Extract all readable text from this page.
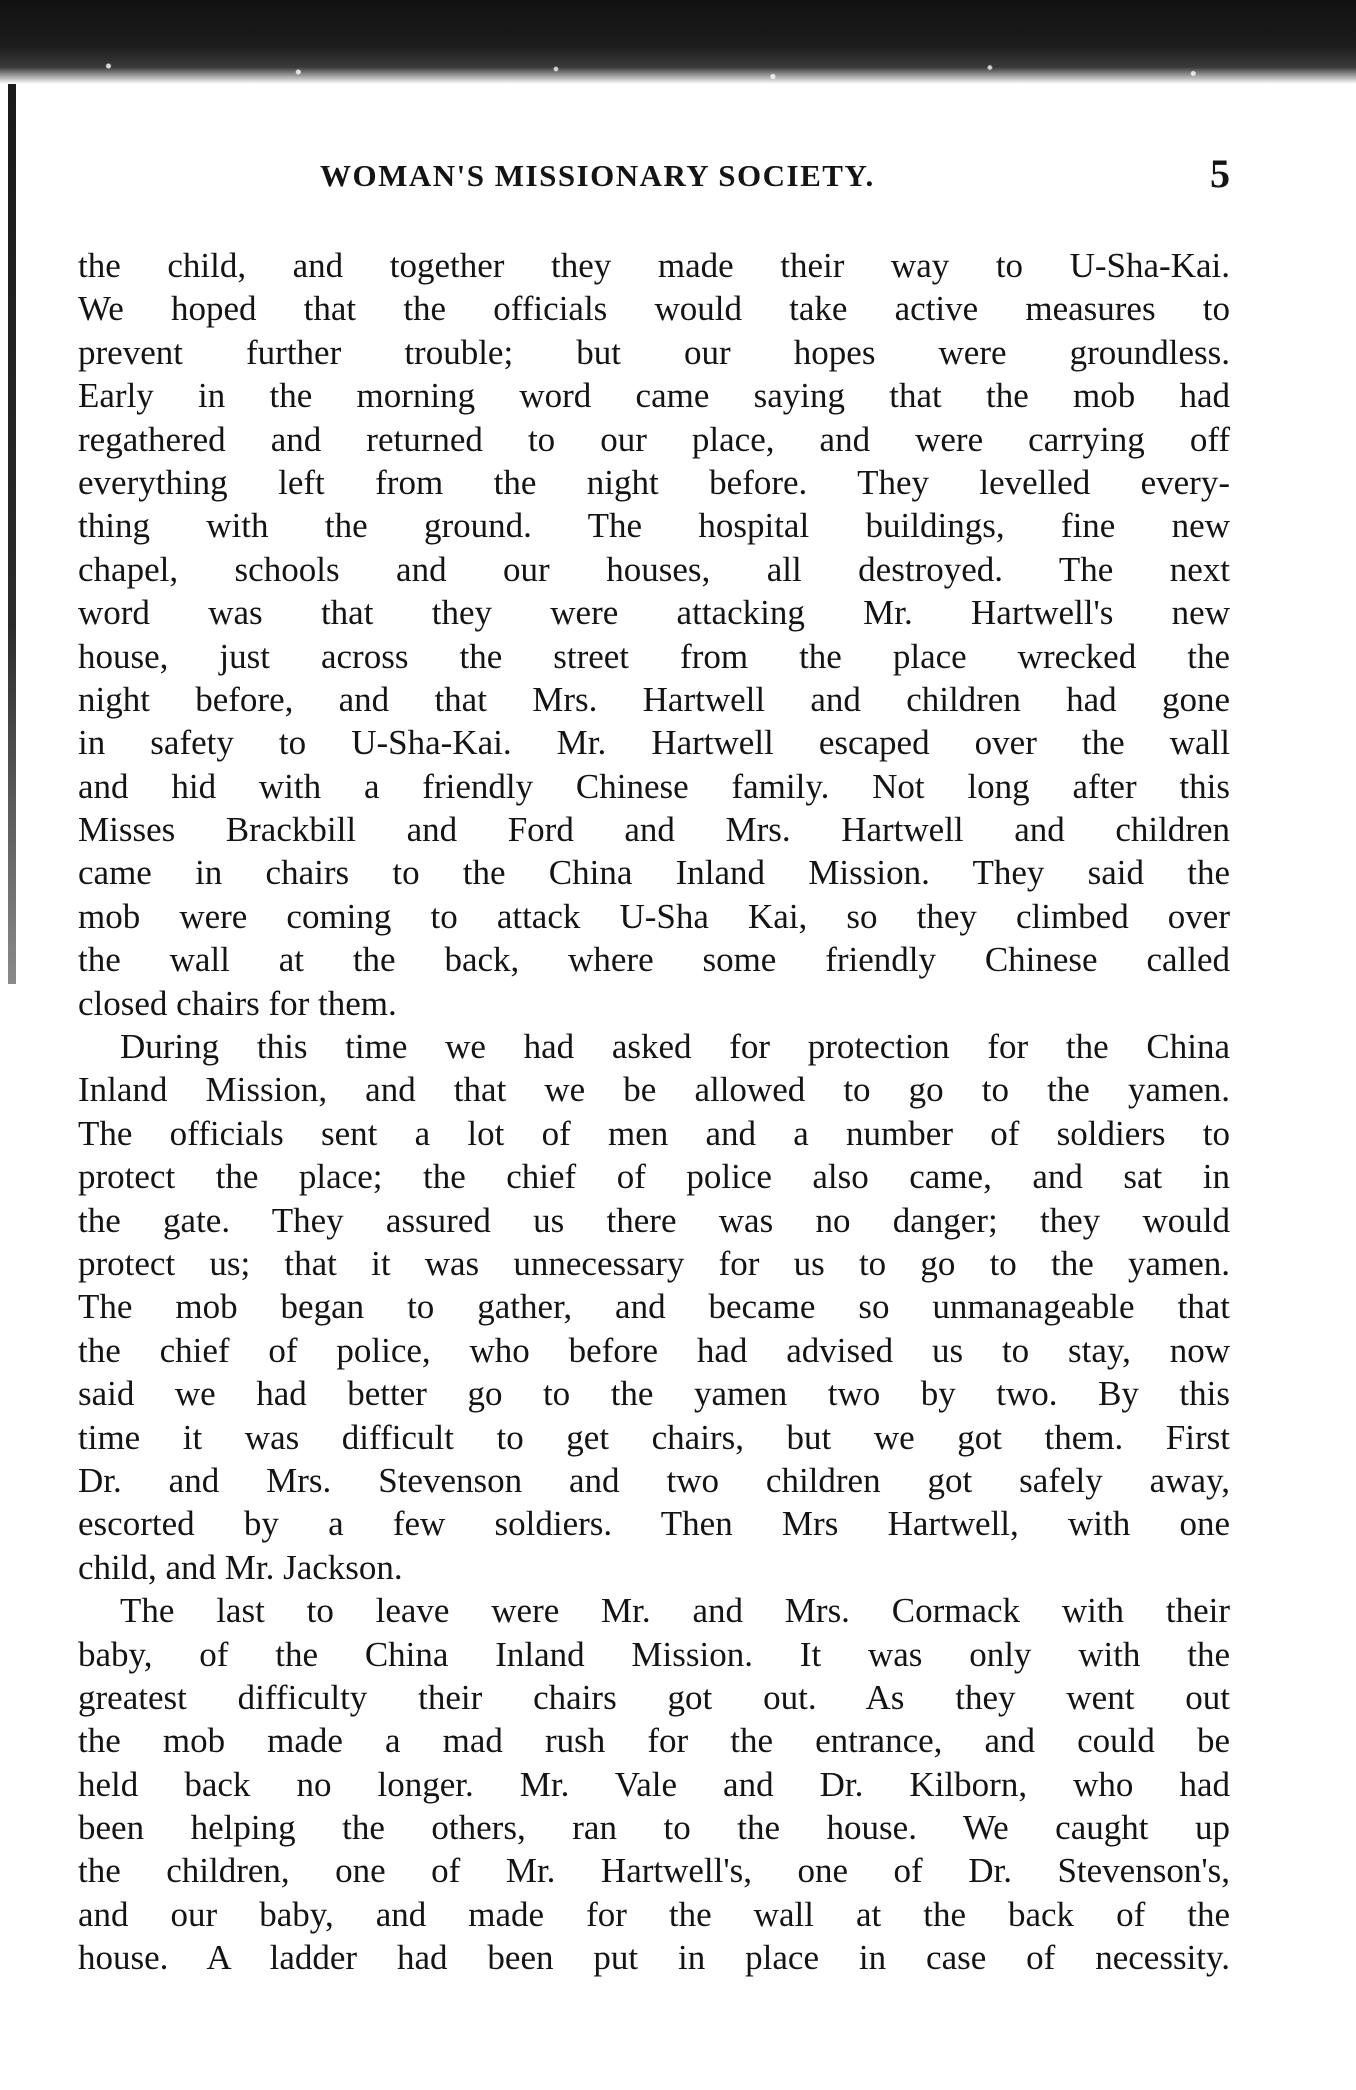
WOMAN'S MISSIONARY SOCIETY.	5
the child, and together they made their way to U-Sha-Kai.
We hoped that the officials would take active measures to
prevent further trouble; but our hopes were groundless.
Early in the morning word came saying that the mob had
regathered and returned to our place, and were carrying off
everything left from the night before. They levelled every-
thing with the ground. The hospital buildings, fine new
chapel, schools and our houses, all destroyed. The next
word was that they were attacking Mr. Hartwell's new
house, just across the street from the place wrecked the
night before, and that Mrs. Hartwell and children had gone
in safety to U-Sha-Kai. Mr. Hartwell escaped over the wall
and hid with a friendly Chinese family. Not long after this
Misses Brackbill and Ford and Mrs. Hartwell and children
came in chairs to the China Inland Mission. They said the
mob were coming to attack U-Sha Kai, so they climbed over
the wall at the back, where some friendly Chinese called
closed chairs for them.
During this time we had asked for protection for the China
Inland Mission, and that we be allowed to go to the yamen.
The officials sent a lot of men and a number of soldiers to
protect the place; the chief of police also came, and sat in
the gate. They assured us there was no danger; they would
protect us; that it was unnecessary for us to go to the yamen.
The mob began to gather, and became so unmanageable that
the chief of police, who before had advised us to stay, now
said we had better go to the yamen two by two. By this
time it was difficult to get chairs, but we got them. First
Dr. and Mrs. Stevenson and two children got safely away,
escorted by a few soldiers. Then Mrs Hartwell, with one
child, and Mr. Jackson.
The last to leave were Mr. and Mrs. Cormack with their
baby, of the China Inland Mission. It was only with the
greatest difficulty their chairs got out. As they went out
the mob made a mad rush for the entrance, and could be
held back no longer. Mr. Vale and Dr. Kilborn, who had
been helping the others, ran to the house. We caught up
the children, one of Mr. Hartwell's, one of Dr. Stevenson's,
and our baby, and made for the wall at the back of the
house. A ladder had been put in place in case of necessity.
